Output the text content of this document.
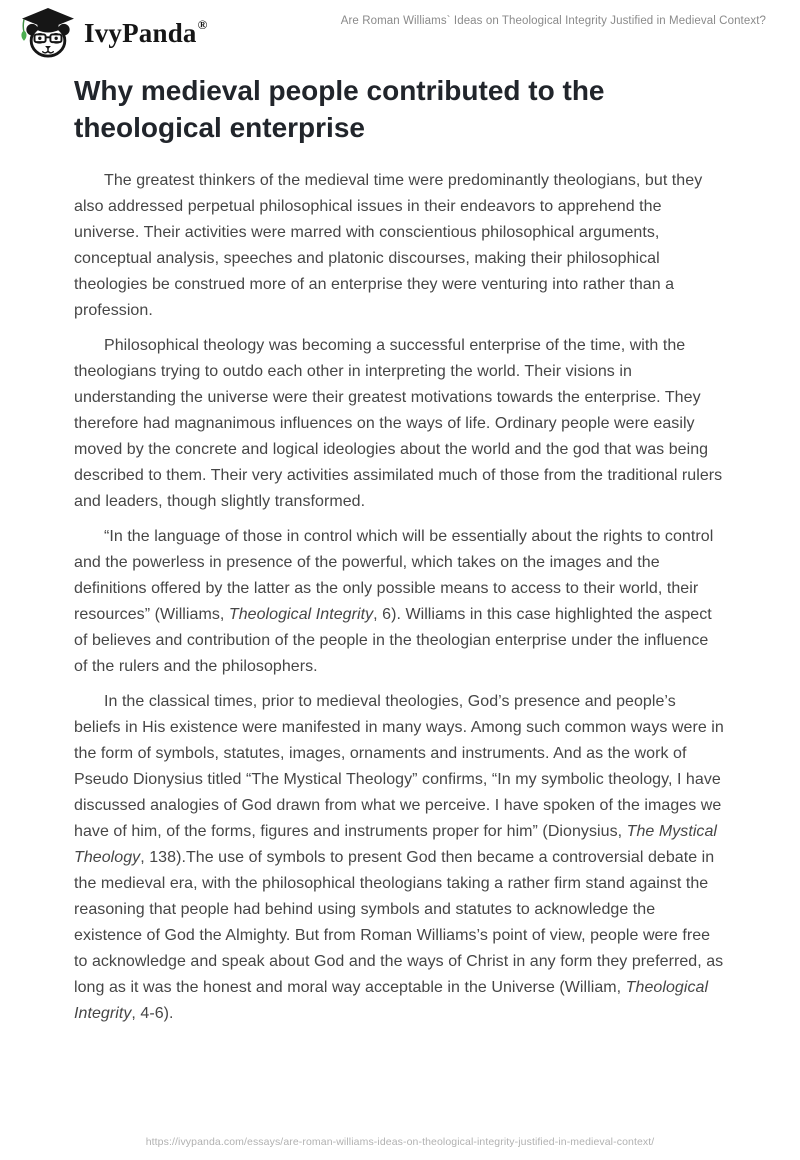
IvyPanda ®	Are Roman Williams` Ideas on Theological Integrity Justified in Medieval Context?
Why medieval people contributed to the theological enterprise

The greatest thinkers of the medieval time were predominantly theologians, but they also addressed perpetual philosophical issues in their endeavors to apprehend the universe. Their activities were marred with conscientious philosophical arguments, conceptual analysis, speeches and platonic discourses, making their philosophical theologies be construed more of an enterprise they were venturing into rather than a profession.

Philosophical theology was becoming a successful enterprise of the time, with the theologians trying to outdo each other in interpreting the world. Their visions in understanding the universe were their greatest motivations towards the enterprise. They therefore had magnanimous influences on the ways of life. Ordinary people were easily moved by the concrete and logical ideologies about the world and the god that was being described to them. Their very activities assimilated much of those from the traditional rulers and leaders, though slightly transformed.

“In the language of those in control which will be essentially about the rights to control and the powerless in presence of the powerful, which takes on the images and the definitions offered by the latter as the only possible means to access to their world, their resources” (Williams, Theological Integrity, 6). Williams in this case highlighted the aspect of believes and contribution of the people in the theologian enterprise under the influence of the rulers and the philosophers.

In the classical times, prior to medieval theologies, God’s presence and people’s beliefs in His existence were manifested in many ways. Among such common ways were in the form of symbols, statutes, images, ornaments and instruments. And as the work of Pseudo Dionysius titled “The Mystical Theology” confirms, “In my symbolic theology, I have discussed analogies of God drawn from what we perceive. I have spoken of the images we have of him, of the forms, figures and instruments proper for him” (Dionysius, The Mystical Theology, 138).The use of symbols to present God then became a controversial debate in the medieval era, with the philosophical theologians taking a rather firm stand against the reasoning that people had behind using symbols and statutes to acknowledge the existence of God the Almighty. But from Roman Williams’s point of view, people were free to acknowledge and speak about God and the ways of Christ in any form they preferred, as long as it was the honest and moral way acceptable in the Universe (William, Theological Integrity, 4-6).

https://ivypanda.com/essays/are-roman-williams-ideas-on-theological-integrity-justified-in-medieval-context/
